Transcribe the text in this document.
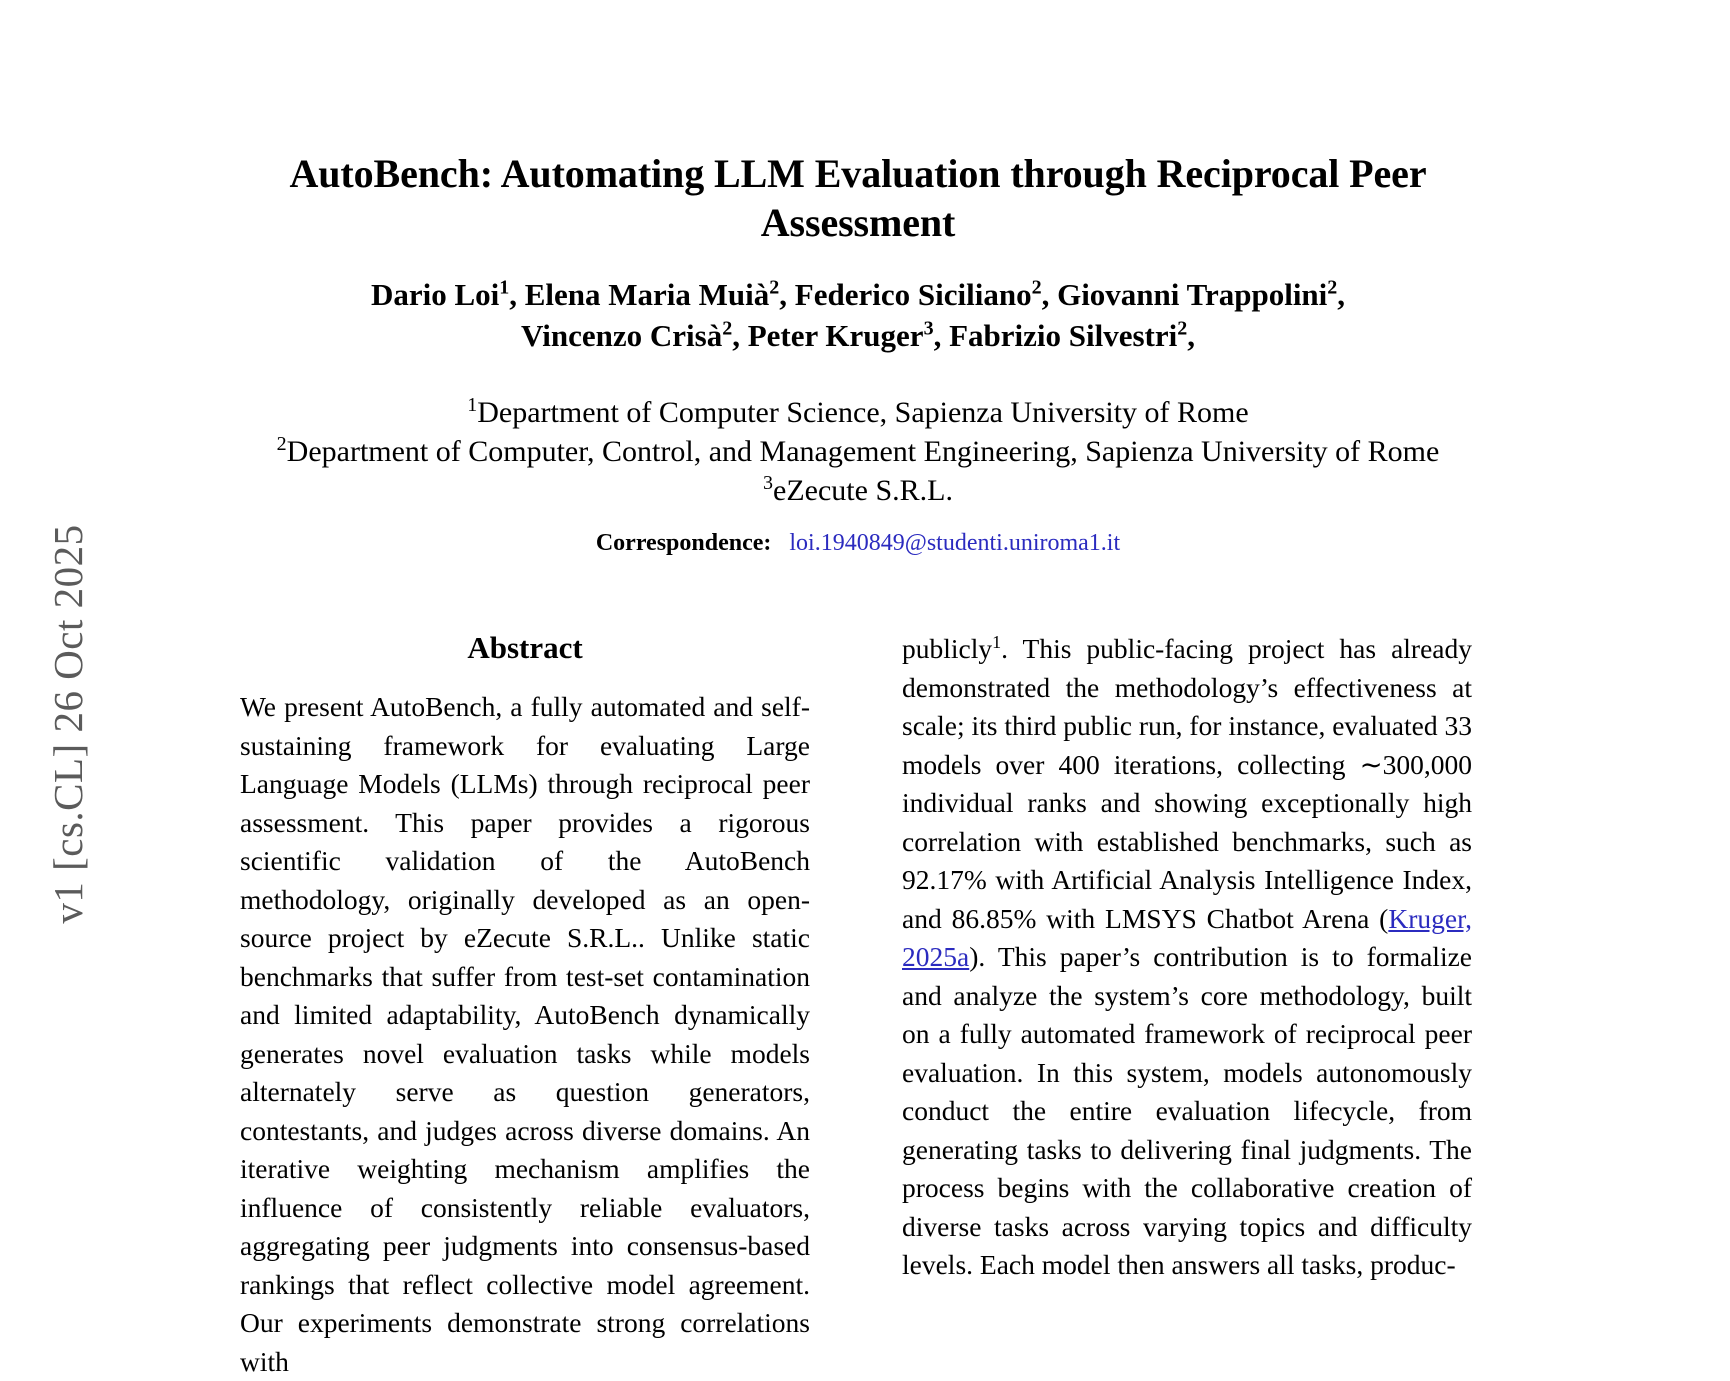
v1 [cs.CL] 26 Oct 2025
AutoBench: Automating LLM Evaluation through Reciprocal Peer Assessment
Dario Loi$^1$, Elena Maria Muià$^2$, Federico Siciliano$^2$, Giovanni Trappolini$^2$,
Vincenzo Crisà$^2$, Peter Kruger$^3$, Fabrizio Silvestri$^2$,
$^1$Department of Computer Science, Sapienza University of Rome
$^2$Department of Computer, Control, and Management Engineering, Sapienza University of Rome
$^3$eZecute S.R.L.
Correspondence: loi.1940849@studenti.uniroma1.it
Abstract

We present AutoBench, a fully automated and self-sustaining framework for evaluating Large Language Models (LLMs) through reciprocal peer assessment. This paper provides a rigorous scientific validation of the AutoBench methodology, originally developed as an open-source project by eZecute S.R.L.. Unlike static benchmarks that suffer from test-set contamination and limited adaptability, AutoBench dynamically generates novel evaluation tasks while models alternately serve as question generators, contestants, and judges across diverse domains. An iterative weighting mechanism amplifies the influence of consistently reliable evaluators, aggregating peer judgments into consensus-based rankings that reflect collective model agreement. Our experiments demonstrate strong correlations with

publicly$^1$. This public-facing project has already demonstrated the methodology’s effectiveness at scale; its third public run, for instance, evaluated 33 models over 400 iterations, collecting ∼300,000 individual ranks and showing exceptionally high correlation with established benchmarks, such as 92.17% with Artificial Analysis Intelligence Index, and 86.85% with LMSYS Chatbot Arena (Kruger, 2025a). This paper’s contribution is to formalize and analyze the system’s core methodology, built on a fully automated framework of reciprocal peer evaluation. In this system, models autonomously conduct the entire evaluation lifecycle, from generating tasks to delivering final judgments. The process begins with the collaborative creation of diverse tasks across varying topics and difficulty levels. Each model then answers all tasks, produc-
